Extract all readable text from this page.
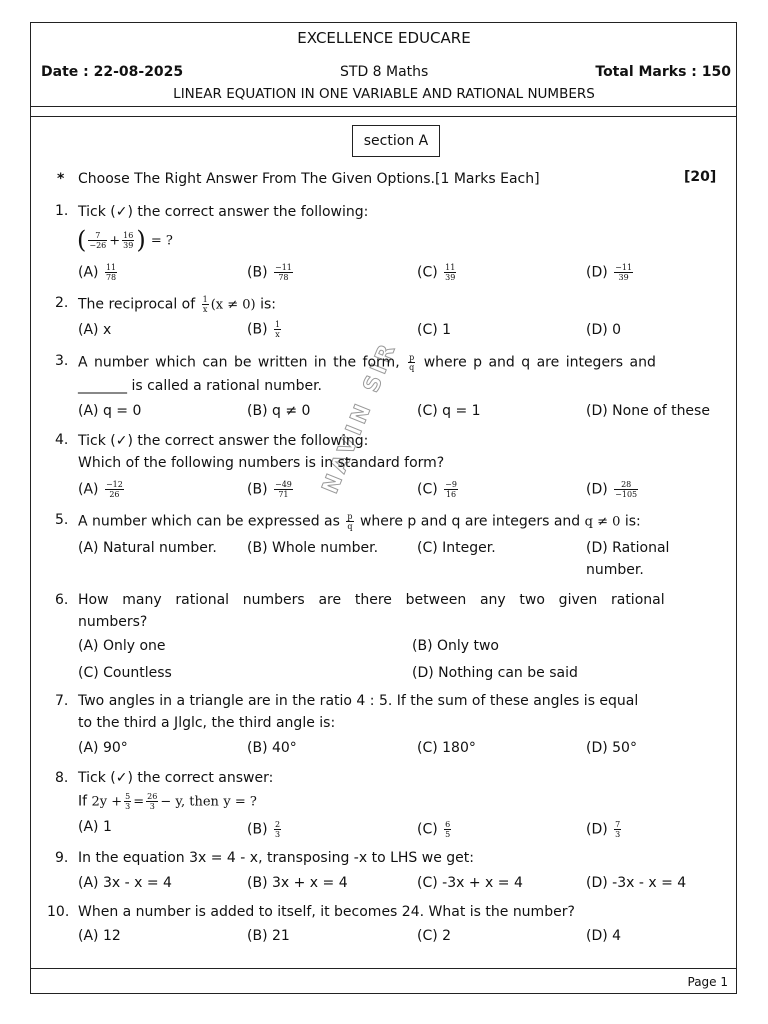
EXCELLENCE EDUCARE
Date : 22-08-2025	STD 8 Maths	Total Marks : 150
LINEAR EQUATION IN ONE VARIABLE AND RATIONAL NUMBERS
section A
* Choose The Right Answer From The Given Options.[1 Marks Each]	[20]
NAVIN SIR
1. Tick (✓) the correct answer the following:
( $\frac{7}{-26} + \frac{16}{39}$ ) = ?
$(A) \frac{11}{78}$	$(B) \frac{-11}{78}$	$(C) \frac{11}{39}$	$(D) \frac{-11}{39}$
2. The reciprocal of $\frac{1}{x} (x \ne 0)$ is:
(A) x	$(B) \frac{1}{x}$	(C) 1	(D) 0
3. A number which can be written in the form, $\frac{p}{q}$ where p and q are integers and
_______ is called a rational number.
(A) q = 0	(B) q ≠ 0	(C) q = 1	(D) None of these
4. Tick (✓) the correct answer the following:
Which of the following numbers is in standard form?
$(A) \frac{-12}{26}$	$(B) \frac{-49}{71}$	$(C) \frac{-9}{16}$	$(D) \frac{28}{-105}$
5. A number which can be expressed as $\frac{p}{q}$ where p and q are integers and q ≠ 0 is:
(A) Natural number. (B) Whole number.	(C) Integer.	(D) Rational
number.
6. How many rational numbers are there between any two given rational
numbers?
(A) Only one	(B) Only two
(C) Countless	(D) Nothing can be said
7. Two angles in a triangle are in the ratio 4 : 5. If the sum of these angles is equal
to the third a Jlglc, the third angle is:
(A) 90°	(B) 40°	(C) 180°	(D) 50°
8. Tick (✓) the correct answer:
If $2y + \frac{5}{3} = \frac{26}{3} - y$, then y = ?
(A) 1	$(B) \frac{2}{3}$	$(C) \frac{6}{5}$	$(D) \frac{7}{3}$
9. In the equation 3x = 4 - x, transposing -x to LHS we get:
(A) 3x - x = 4	(B) 3x + x = 4	(C) -3x + x = 4	(D) -3x - x = 4
10. When a number is added to itself, it becomes 24. What is the number?
(A) 12	(B) 21	(C) 2	(D) 4
Page 1
